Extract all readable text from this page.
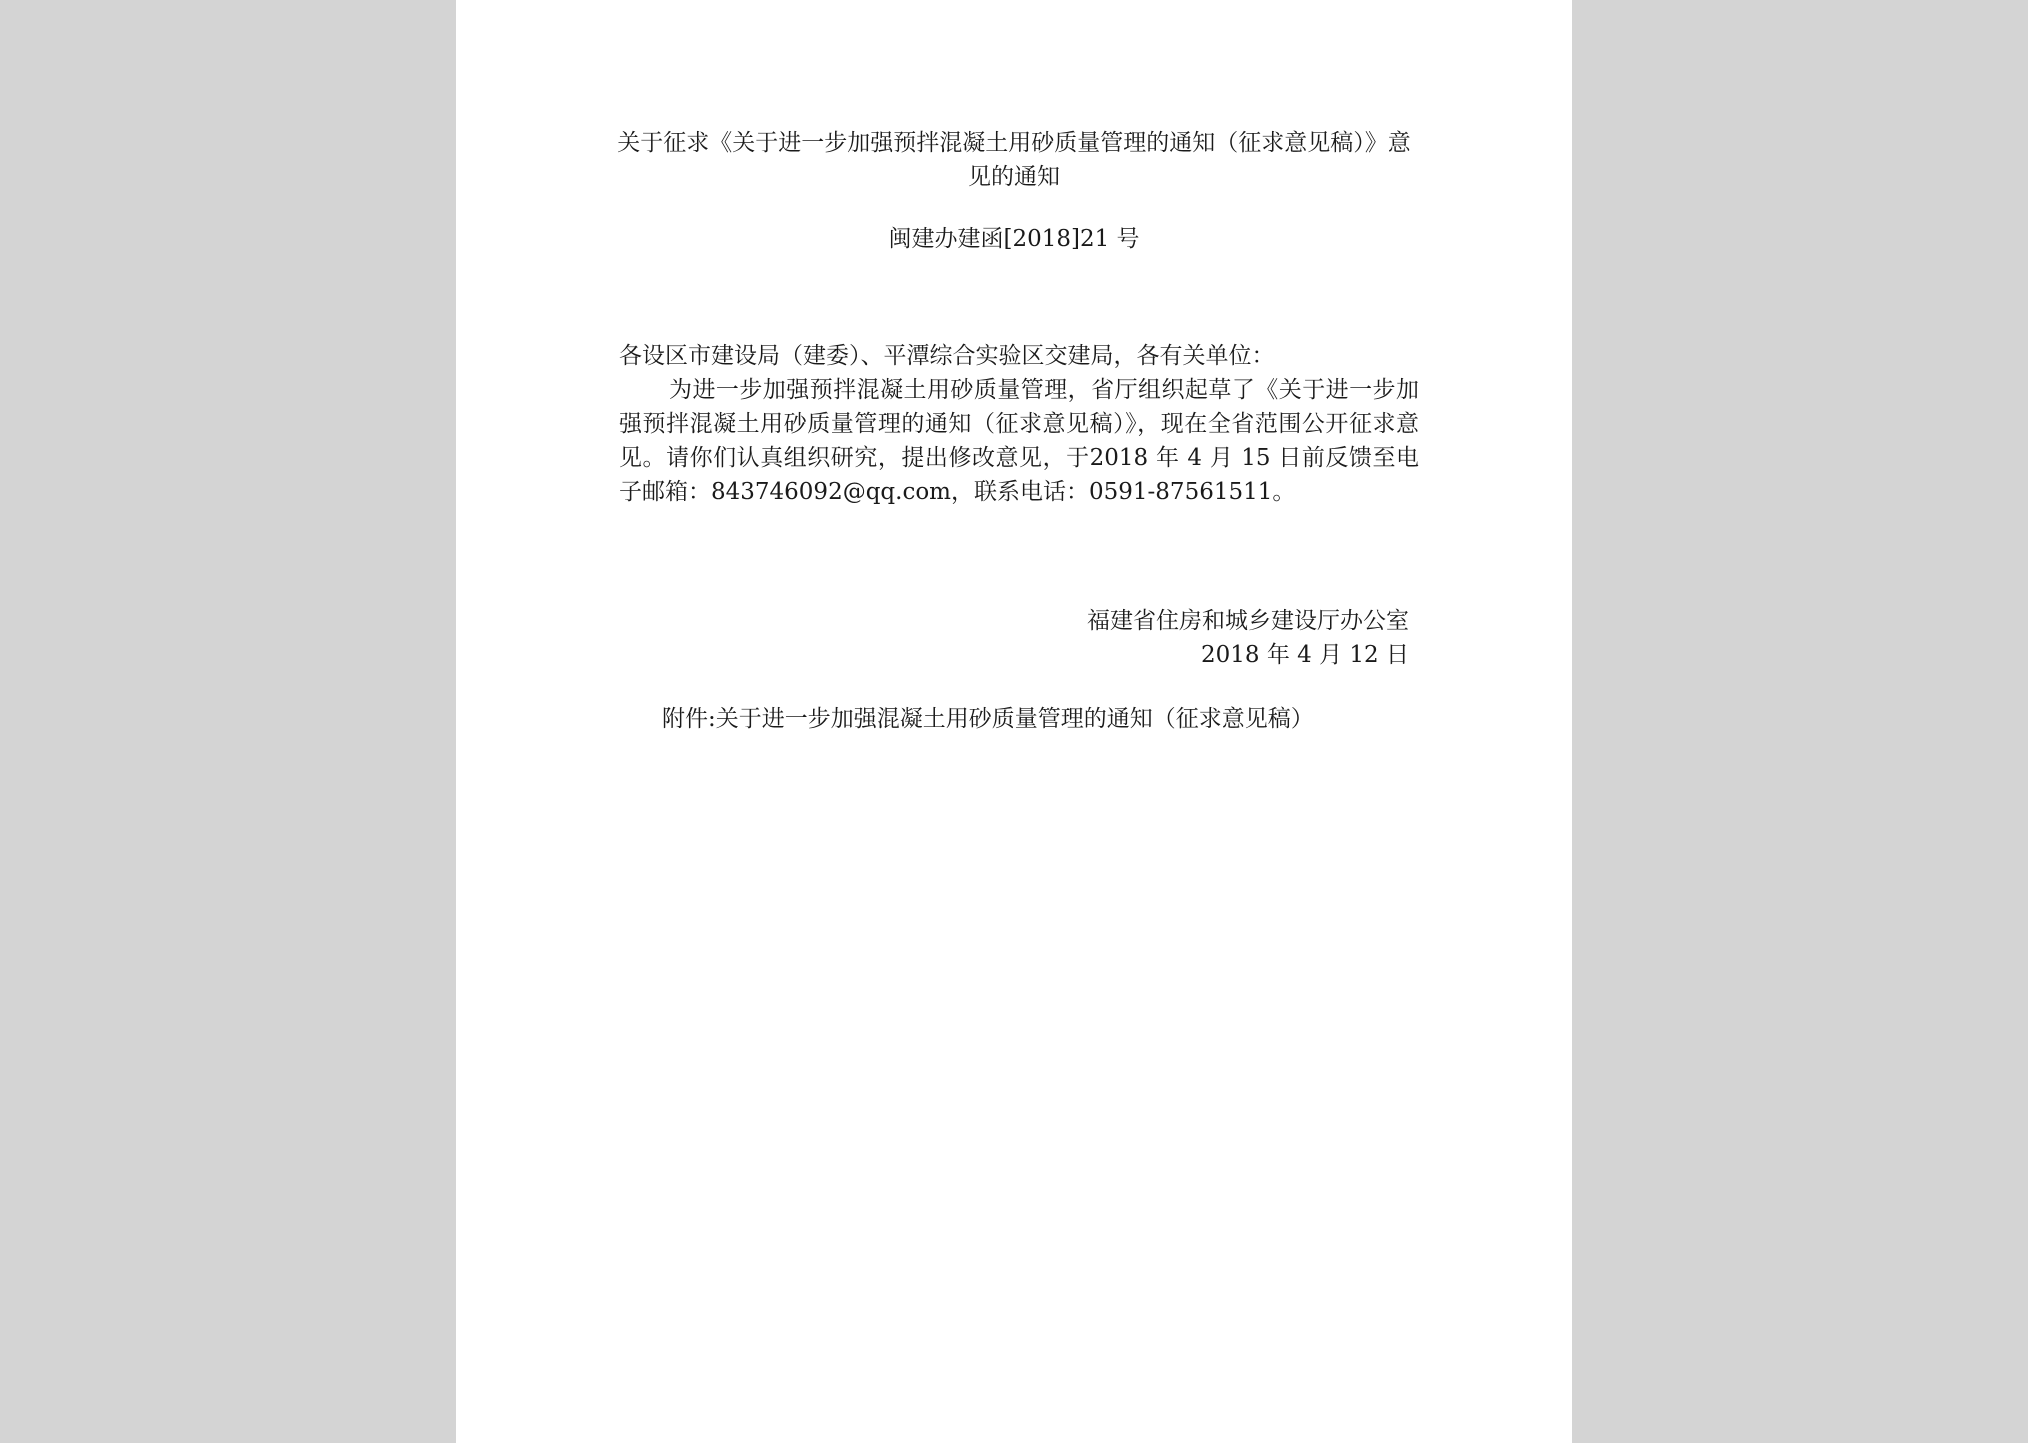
关于征求《关于进一步加强预拌混凝土用砂质量管理的通知（征求意见稿）》意见的通知
闽建办建函[2018]21 号

各设区市建设局（建委）、平潭综合实验区交建局，各有关单位：

为进一步加强预拌混凝土用砂质量管理，省厅组织起草了《关于进一步加强预拌混凝土用砂质量管理的通知（征求意见稿）》，现在全省范围公开征求意见。请你们认真组织研究，提出修改意见，于2018 年 4 月 15 日前反馈至电子邮箱：843746092@qq.com，联系电话：0591-87561511。

福建省住房和城乡建设厅办公室
2018 年 4 月 12 日
附件:关于进一步加强混凝土用砂质量管理的通知（征求意见稿）
